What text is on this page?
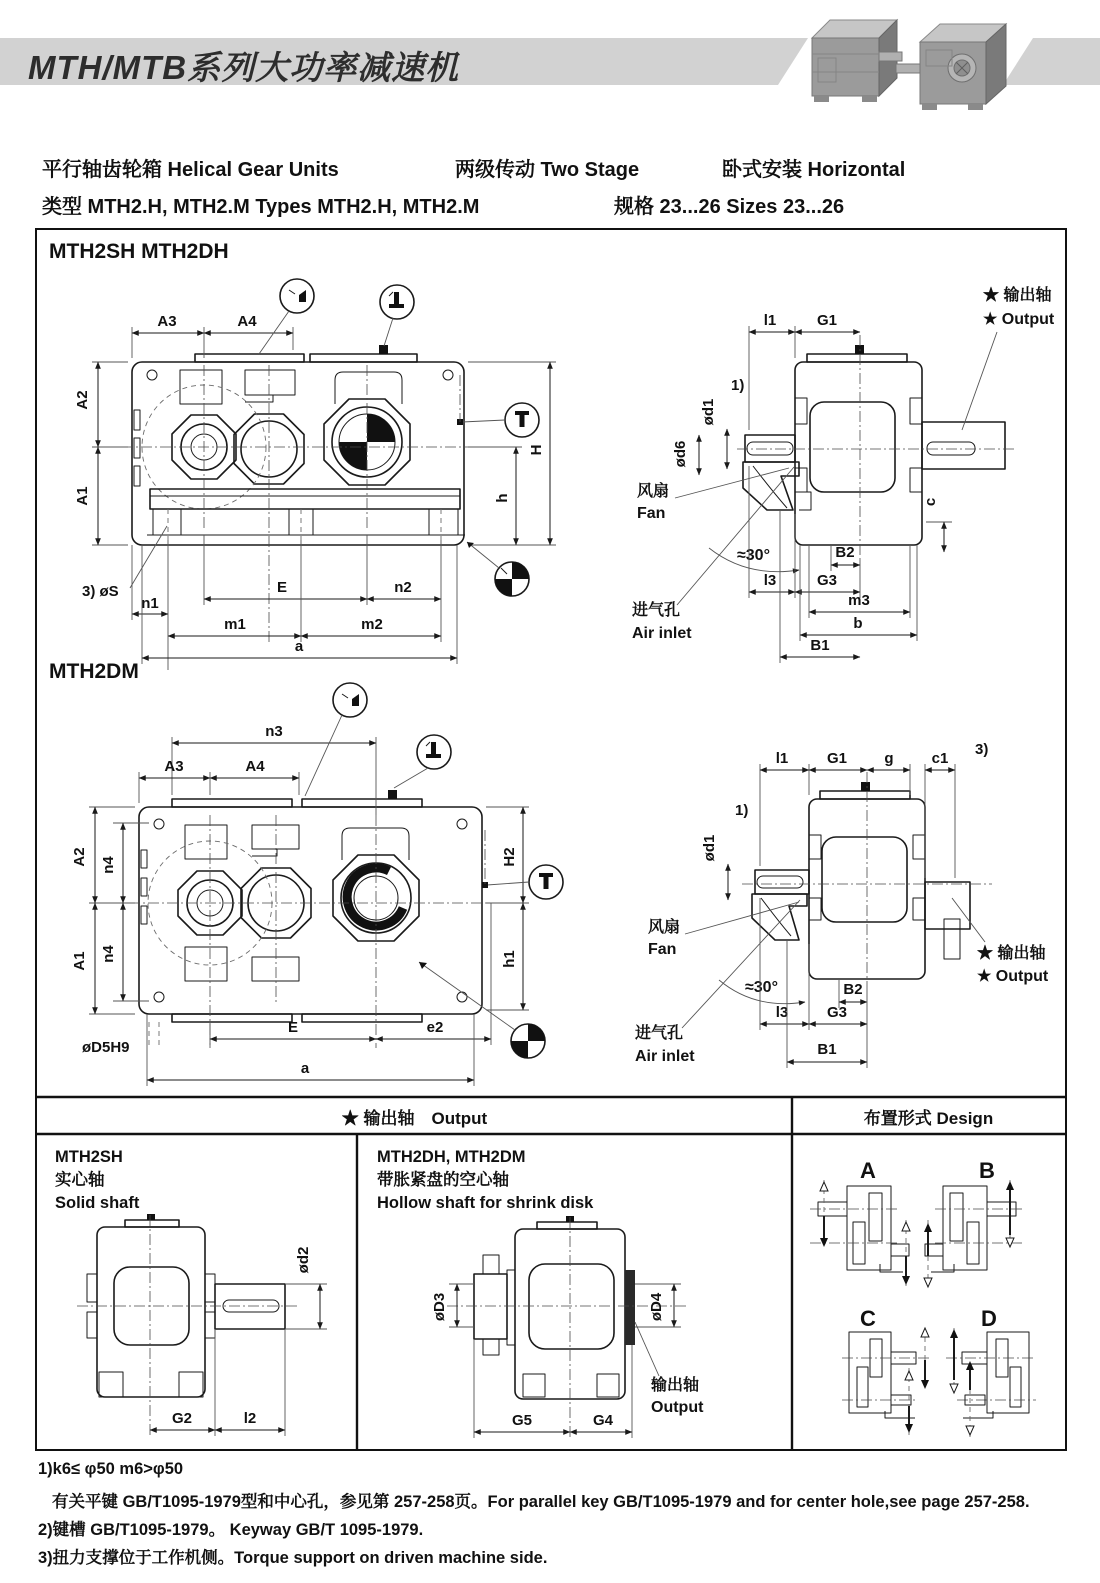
MTH/MTB系列大功率减速机
平行轴齿轮箱 Helical Gear Units	两级传动 Two Stage	卧式安装 Horizontal
类型 MTH2.H, MTH2.M Types MTH2.H, MTH2.M	规格 23...26 Sizes 23...26
MTH2SH MTH2DH
MTH2DM
A3	A4
A2
A1
H
h
E	n2
3) øS
n1
m1	m2
a
l1	G1
1)
ød1
ød6
风扇
Fan
≈30°
l3	G3
B2
m3
b
B1
c
★ 输出轴
★ Output
进气孔
Air inlet
n3
A3	A4
A2
A1
n4
n4
H2
h1
øD5H9
E	e2
a
3)
l1	G1 g	c1
1)
ød1
风扇
Fan
≈30°	B2
l3	G3
B1
进气孔
Air inlet
★ 输出轴
★ Output
ød2
G2	l2
øD3	øD4
输出轴
Output
G5	G4
A	B
C	D
★ 输出轴　Output	布置形式 Design
MTH2SH
实心轴
Solid shaft
MTH2DH, MTH2DM
带胀紧盘的空心轴
Hollow shaft for shrink disk
1)k6≤ φ50 m6>φ50
有关平键 GB/T1095-1979型和中心孔，参见第 257-258页。For parallel key GB/T1095-1979 and for center hole,see page 257-258.
2)键槽 GB/T1095-1979。 Keyway GB/T 1095-1979.
3)扭力支撑位于工作机侧。Torque support on driven machine side.
